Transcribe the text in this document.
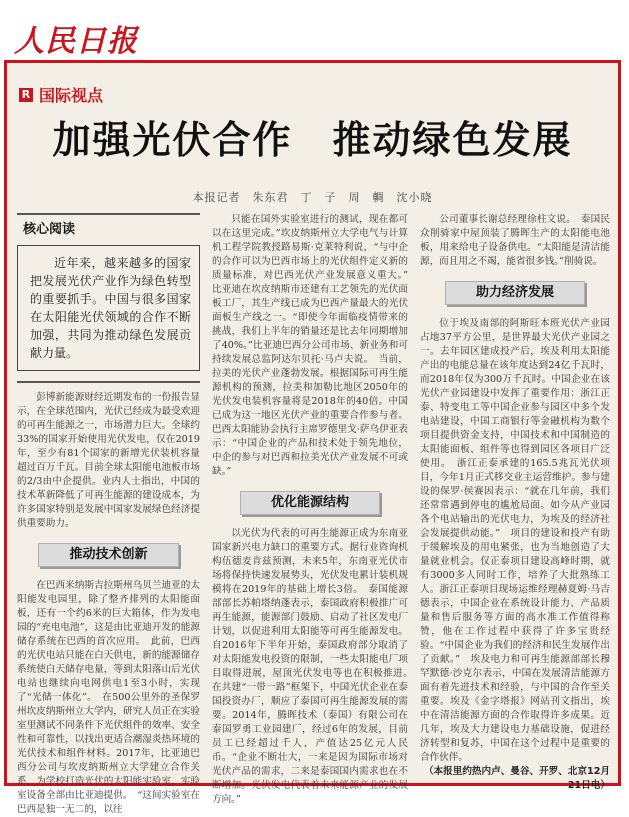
人民日报
R 国际视点
加强光伏合作　推动绿色发展
本报记者　朱东君　丁　子　周　輖　沈小晓
核心阅读

近年来，越来越多的国家把发展光伏产业作为绿色转型的重要抓手。中国与很多国家在太阳能光伏领域的合作不断加强，共同为推动绿色发展贡献力量。

彭博新能源财经近期发布的一份报告显示，在全球范围内，光伏已经成为最受欢迎的可再生能源之一，市场潜力巨大。全球约33%的国家开始使用光伏发电，仅在2019年，至少有81个国家的新增光伏装机容量超过百万千瓦。目前全球太阳能电池板市场的2/3由中企提供。业内人士指出，中国的技术革新降低了可再生能源的建设成本，为许多国家特别是发展中国家发展绿色经济提供重要助力。

推动技术创新

在巴西米纳斯吉拉斯州乌贝兰迪亚的太阳能发电园里，除了整齐排列的太阳能面板，还有一个约6米的巨大箱体，作为发电园的“充电电池”，这是由比亚迪开发的能源储存系统在巴西的首次应用。　此前，巴西的光伏电站只能在白天供电，新的能源储存系统使白天储存电量，等到太阳落山后光伏电站也继续向电网供电1至3小时，实现了“光储一体化”。　在500公里外的圣保罗州坎皮纳斯州立大学内，研究人员正在实验室里测试不同条件下光伏组件的效率、安全性和可靠性，以找出更适合潮湿炎热环境的光伏技术和组件材料。2017年，比亚迪巴西分公司与坎皮纳斯州立大学建立合作关系，为学校打造光伏的太阳能实验室，实验室设备全部由比亚迪提供。　“这间实验室在巴西是独一无二的，以往

只能在国外实验室进行的测试，现在都可以在这里完成。”坎皮纳斯州立大学电气与计算机工程学院教授路易斯·克莱特利说，“与中企的合作可以为巴西市场上的光伏组件定义新的质量标准，对巴西光伏产业发展意义重大。”　比亚迪在坎皮纳斯市还建有工艺领先的光伏面板工厂，其生产线已成为巴西产量最大的光伏面板生产线之一。“即使今年面临疫情带来的挑战，我们上半年的销量还是比去年同期增加了40%。”比亚迪巴西分公司市场、新业务和可持续发展总监阿达尔贝托·马卢夫说。　当前，拉美的光伏产业蓬勃发展。根据国际可再生能源机构的预测，拉美和加勒比地区2050年的光伏发电装机容量将是2018年的40倍。中国已成为这一地区光伏产业的重要合作参与者。巴西太阳能协会执行主席罗德里戈·萨乌伊亚表示：“中国企业的产品和技术处于领先地位，中企的参与对巴西和拉美光伏产业发展不可或缺。”

优化能源结构

以光伏为代表的可再生能源正成为东南亚国家新兴电力缺口的重要方式。据行业咨询机构伍德麦肯兹预测，未来5年，东南亚光伏市场将保持快速发展势头，光伏发电累计装机规模将在2019年的基础上增长3倍。　泰国能源部部长苏帕塔纳蓬表示，泰国政府积极推广可再生能源，能源部门鼓励、启动了社区发电厂计划，以促进利用太阳能等可再生能源发电。自2016年下半年开始，泰国政府部分取消了对太阳能发电投资的限制，一些太阳能电厂项目取得进展，屋顶光伏发电等也在积极推进。　在共建“一带一路”框架下，中国光伏企业在泰国投资办厂，顺应了泰国可再生能源发展的需要。2014年，腾晖技术（泰国）有限公司在泰国罗勇工业园建厂，经过6年的发展，目前员工已经超过千人，产值达25亿元人民币。“企业不断壮大，一来是因为国际市场对光伏产品的需求，二来是泰国国内需求也在不断增加。光伏发电代表着未来能源产业的发展方向。”

公司董事长谢总经理徐柱文说。　泰国民众削骑家中屋顶装了腾晖生产的太阳能电池板，用来给电子设备供电。“太阳能是清洁能源，而且用之不竭，能省很多钱。”削骑说。

助力经济发展

位于埃及南部的阿斯旺本班光伏产业园占地37平方公里，是世界最大光伏产业园之一。去年园区建成投产后，埃及利用太阳能产出的电能总量在该年度达到24亿千瓦时，而2018年仅为300万千瓦时。中国企业在该光伏产业园建设中发挥了重要作用：浙江正泰、特变电工等中国企业参与园区中多个发电站建设，中国工商银行等金融机构为数个项目提供资金支持，中国技术和中国制造的太阳能面板、组件等也得到园区各项目广泛使用。　浙江正泰承建的165.5兆瓦光伏项目，今年1月正式移交业主运营维护。参与建设的保罗·侯赛因表示：“就在几年前，我们还常常遇到停电的尴尬局面。如今从产业园各个电站输出的光伏电力，为埃及的经济社会发展提供动能。”　项目的建设和投产有助于缓解埃及的用电紧张，也为当地创造了大量就业机会。仅正泰项目建设高峰时期，就有3000多人同时工作，培养了大批熟练工人。浙江正泰项目现场运维经理赫夏姆·马吉德表示，中国企业在系统设计能力、产品质量和售后服务等方面的高水准工作值得称赞，他在工作过程中获得了许多宝贵经验。“中国企业为我们的经济和民生发展作出了贡献。”　埃及电力和可再生能源部部长穆罕默德·沙克尔表示，中国在发展清洁能源方面有着先进技术和经验，与中国的合作至关重要。埃及《金字塔报》网站刊文指出，埃中在清洁能源方面的合作取得许多成果。近几年，埃及大力建设电力基础设施，促进经济转型和复苏，中国在这个过程中是重要的合作伙伴。

（本报里约热内卢、曼谷、开罗、北京12月21日电）
